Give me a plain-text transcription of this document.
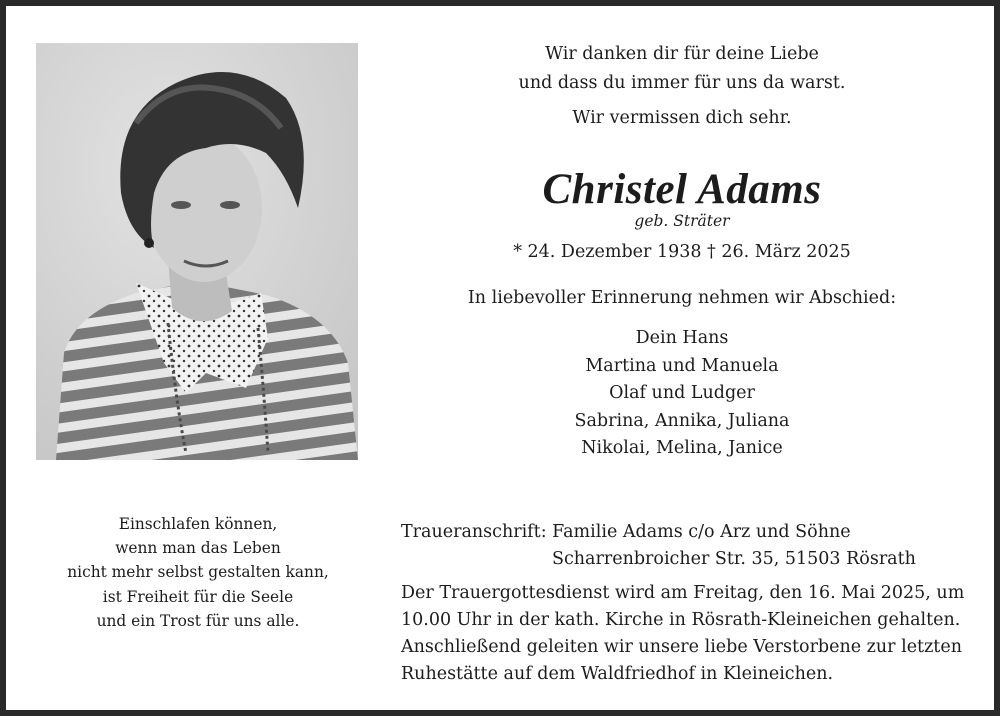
Einschlafen können,
wenn man das Leben
nicht mehr selbst gestalten kann,
ist Freiheit für die Seele
und ein Trost für uns alle.
Wir danken dir für deine Liebe
und dass du immer für uns da warst.
Wir vermissen dich sehr.
Christel Adams
geb. Sträter
* 24. Dezember 1938 † 26. März 2025
In liebevoller Erinnerung nehmen wir Abschied:
Dein Hans
Martina und Manuela
Olaf und Ludger
Sabrina, Annika, Juliana
Nikolai, Melina, Janice
Traueranschrift: Familie Adams c/o Arz und Söhne
Scharrenbroicher Str. 35, 51503 Rösrath
Der Trauergottesdienst wird am Freitag, den 16. Mai 2025, um
10.00 Uhr in der kath. Kirche in Rösrath-Kleineichen gehalten.
Anschließend geleiten wir unsere liebe Verstorbene zur letzten
Ruhestätte auf dem Waldfriedhof in Kleineichen.
